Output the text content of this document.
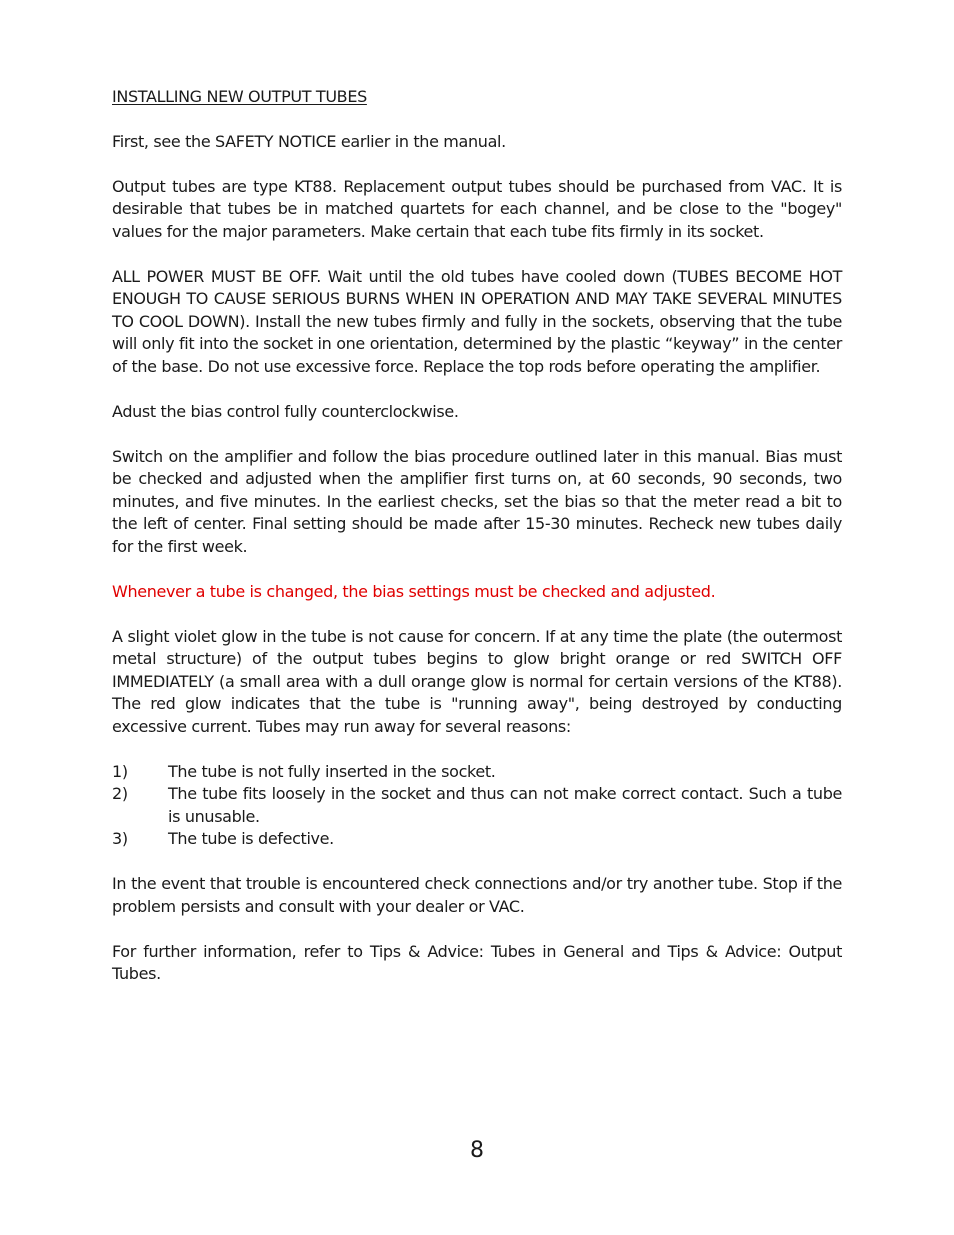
INSTALLING NEW OUTPUT TUBES

First, see the SAFETY NOTICE earlier in the manual.

Output tubes are type KT88. Replacement output tubes should be purchased from VAC. It is desirable that tubes be in matched quartets for each channel, and be close to the "bogey" values for the major parameters. Make certain that each tube fits firmly in its socket.

ALL POWER MUST BE OFF. Wait until the old tubes have cooled down (TUBES BECOME HOT ENOUGH TO CAUSE SERIOUS BURNS WHEN IN OPERATION AND MAY TAKE SEVERAL MINUTES TO COOL DOWN). Install the new tubes firmly and fully in the sockets, observing that the tube will only fit into the socket in one orientation, determined by the plastic “keyway” in the center of the base. Do not use excessive force. Replace the top rods before operating the amplifier.

Adust the bias control fully counterclockwise.

Switch on the amplifier and follow the bias procedure outlined later in this manual. Bias must be checked and adjusted when the amplifier first turns on, at 60 seconds, 90 seconds, two minutes, and five minutes. In the earliest checks, set the bias so that the meter read a bit to the left of center. Final setting should be made after 15-30 minutes. Recheck new tubes daily for the first week.

Whenever a tube is changed, the bias settings must be checked and adjusted.

A slight violet glow in the tube is not cause for concern. If at any time the plate (the outermost metal structure) of the output tubes begins to glow bright orange or red SWITCH OFF IMMEDIATELY (a small area with a dull orange glow is normal for certain versions of the KT88). The red glow indicates that the tube is "running away", being destroyed by conducting excessive current. Tubes may run away for several reasons:

1)	The tube is not fully inserted in the socket.
2)	The tube fits loosely in the socket and thus can not make correct contact. Such a tube is unusable.
3)	The tube is defective.

In the event that trouble is encountered check connections and/or try another tube. Stop if the problem persists and consult with your dealer or VAC.

For further information, refer to Tips & Advice: Tubes in General and Tips & Advice: Output Tubes.

8
